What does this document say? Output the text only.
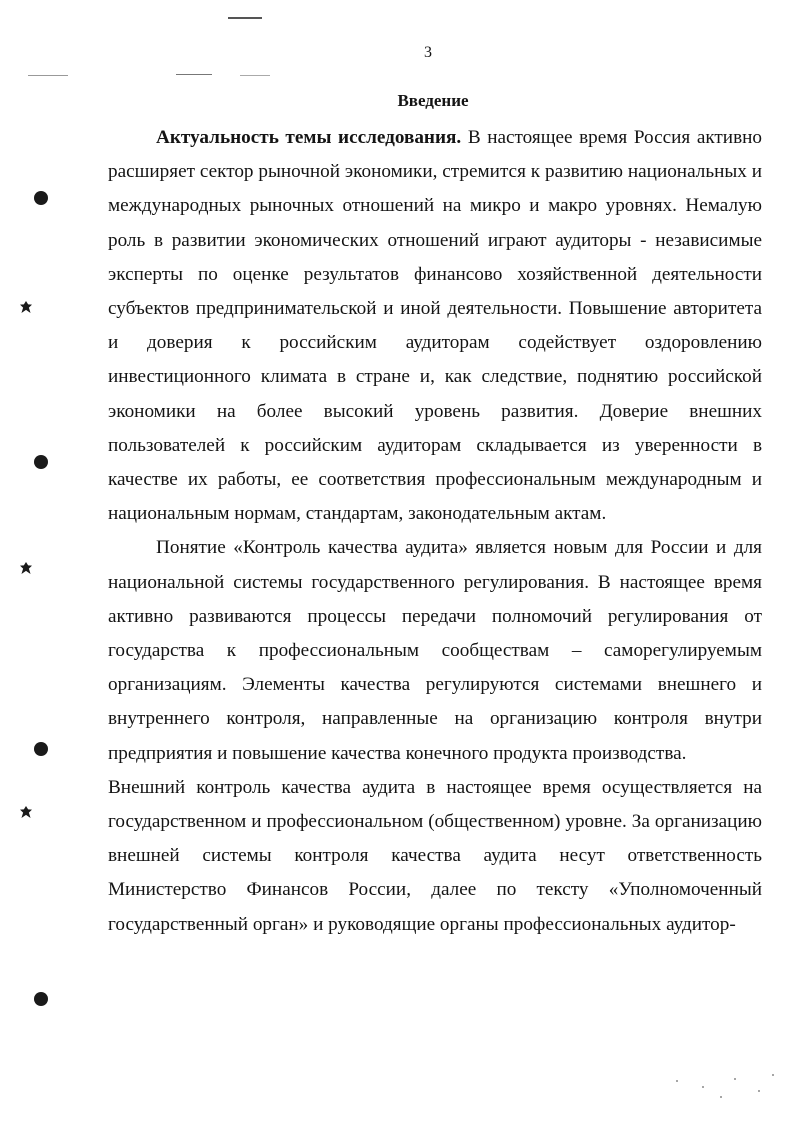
3
Введение

Актуальность темы исследования. В настоящее время Россия активно расширяет сектор рыночной экономики, стремится к развитию национальных и международных рыночных отношений на микро и макро уровнях. Немалую роль в развитии экономических отношений играют аудиторы - независимые эксперты по оценке результатов финансово хозяйственной деятельности субъектов предпринимательской и иной деятельности. Повышение авторитета и доверия к российским аудиторам содействует оздоровлению инвестиционного климата в стране и, как следствие, поднятию российской экономики на более высокий уровень развития. Доверие внешних пользователей к российским аудиторам складывается из уверенности в качестве их работы, ее соответствия профессиональным международным и национальным нормам, стандартам, законодательным актам.

Понятие «Контроль качества аудита» является новым для России и для национальной системы государственного регулирования. В настоящее время активно развиваются процессы передачи полномочий регулирования от государства к профессиональным сообществам – саморегулируемым организациям. Элементы качества регулируются системами внешнего и внутреннего контроля, направленные на организацию контроля внутри предприятия и повышение качества конечного продукта производства.

Внешний контроль качества аудита в настоящее время осуществляется на государственном и профессиональном (общественном) уровне. За организацию внешней системы контроля качества аудита несут ответственность Министерство Финансов России, далее по тексту «Уполномоченный государственный орган» и руководящие органы профессиональных аудитор-
